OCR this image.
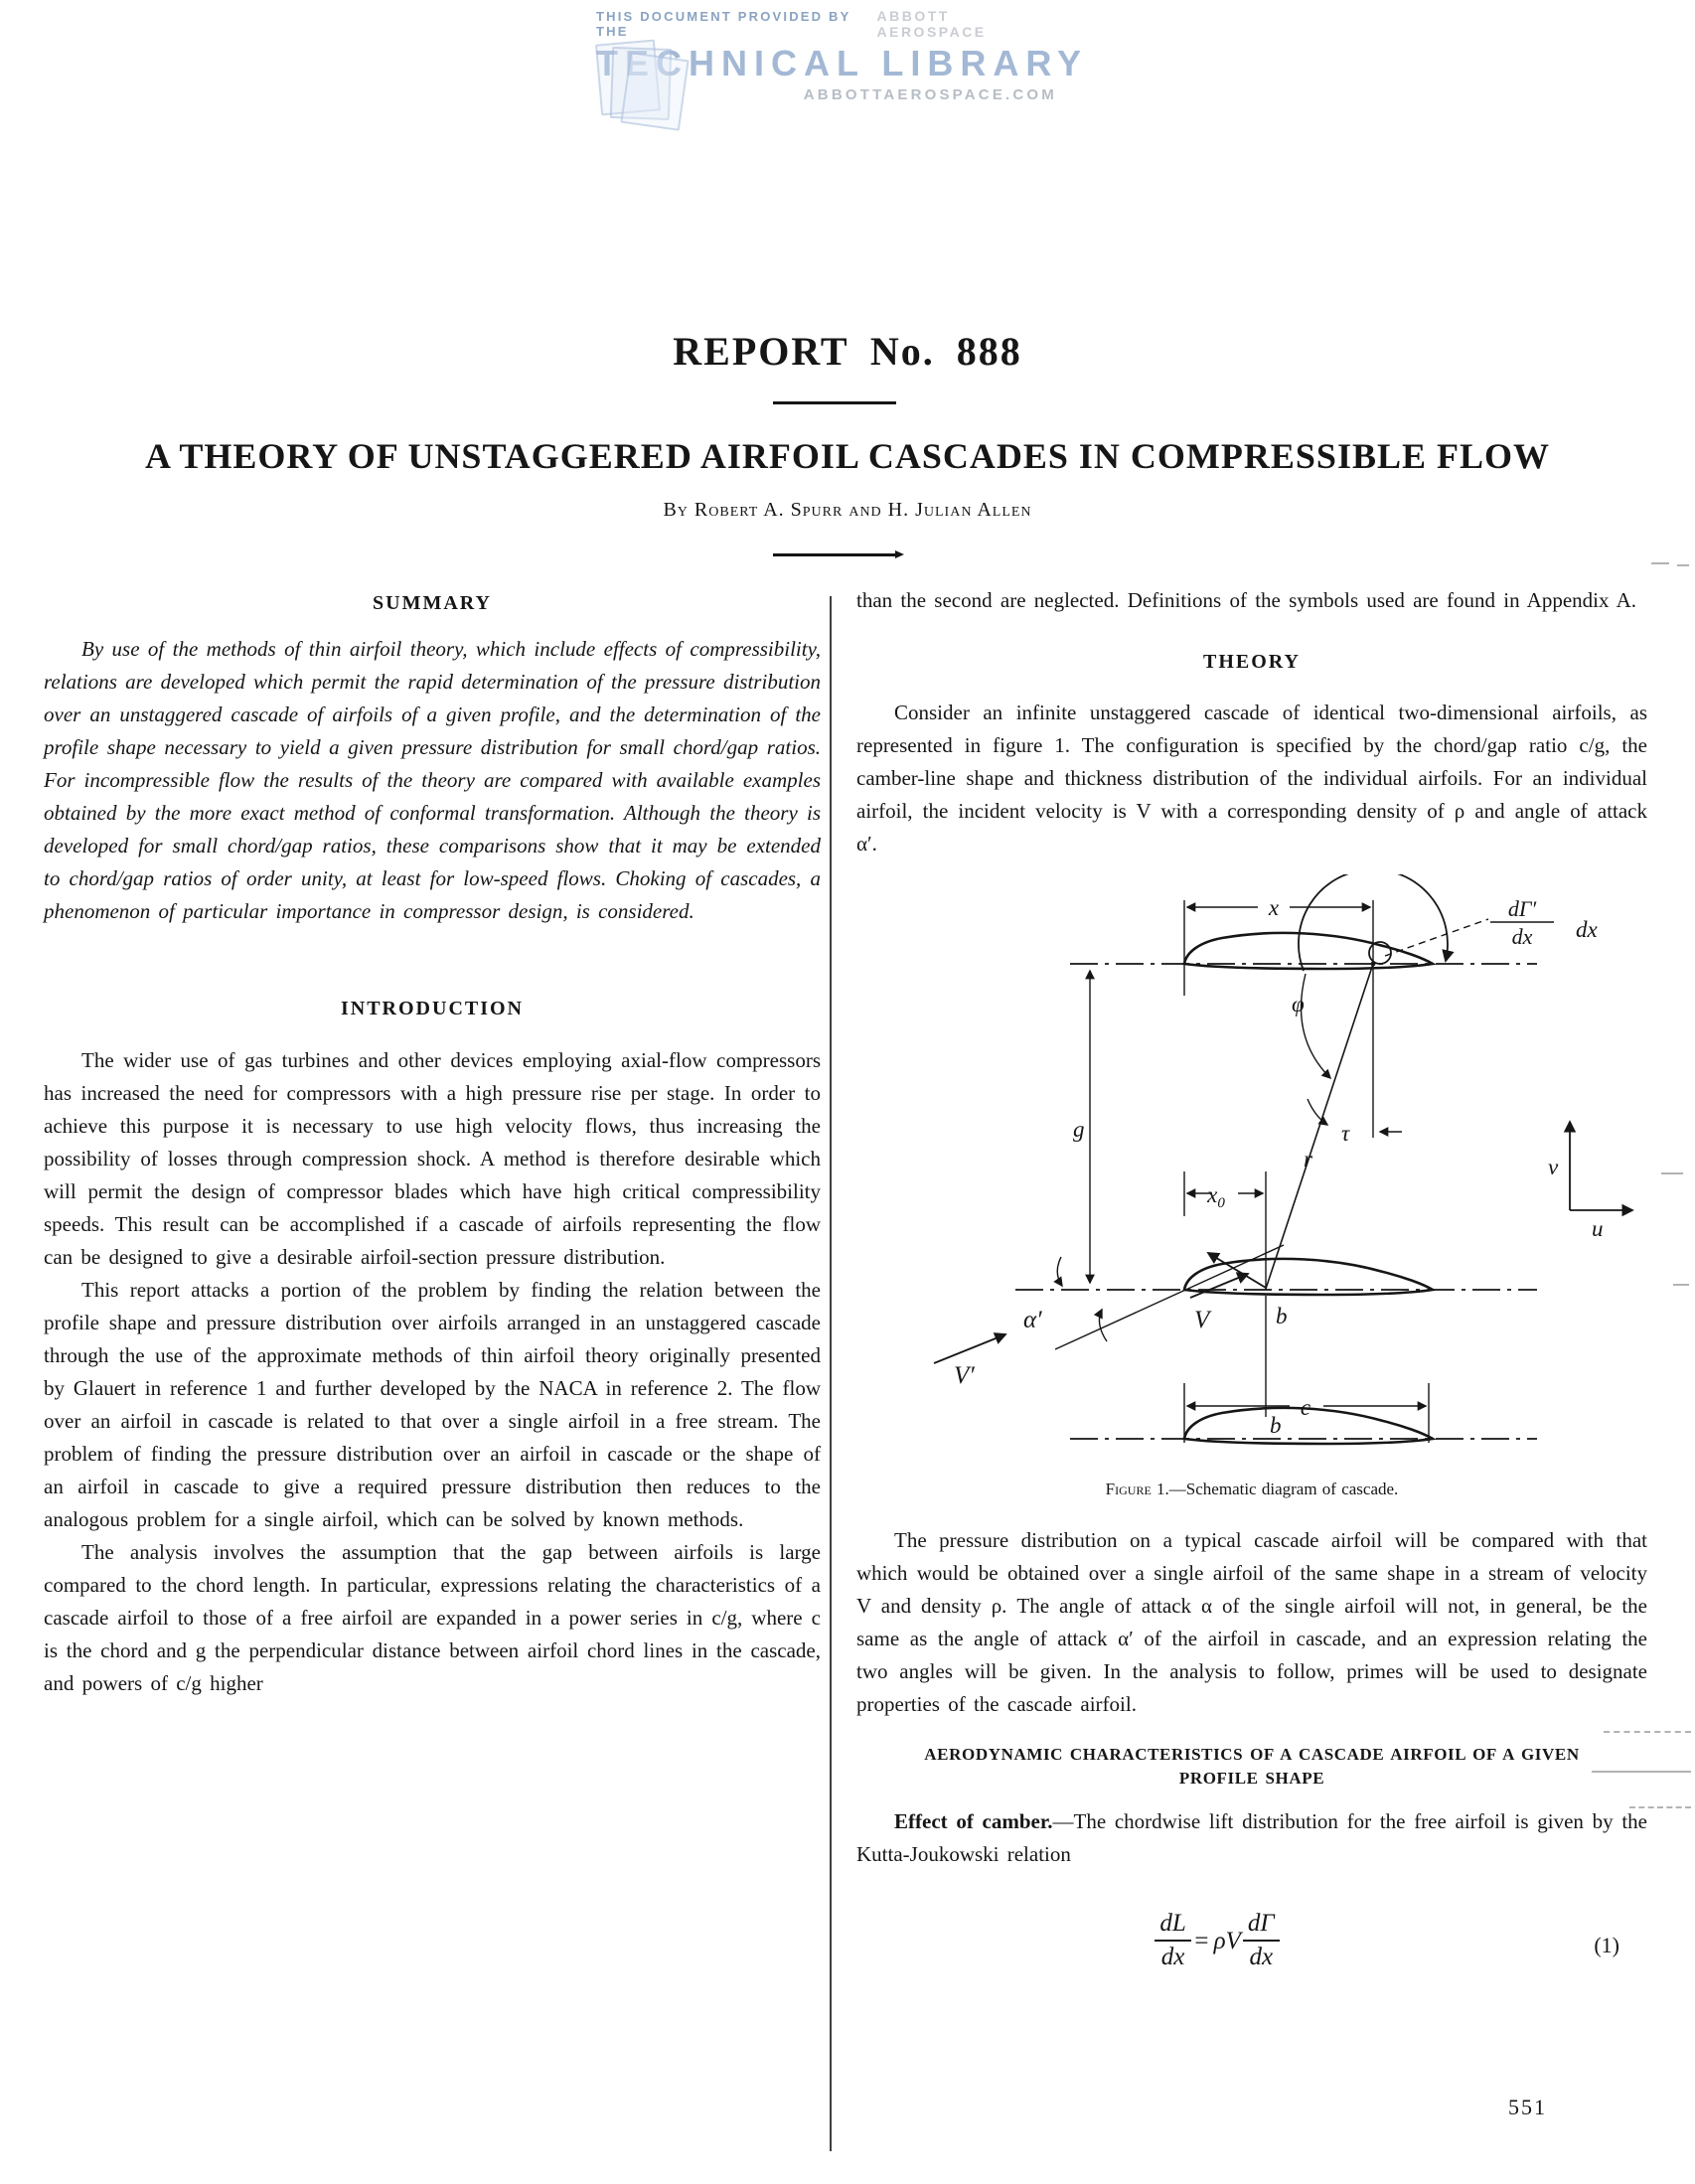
THIS DOCUMENT PROVIDED BY THE
ABBOTT AEROSPACE
TECHNICAL LIBRARY
ABBOTTAEROSPACE.COM
REPORT No. 888
A THEORY OF UNSTAGGERED AIRFOIL CASCADES IN COMPRESSIBLE FLOW
By Robert A. Spurr and H. Julian Allen
SUMMARY

By use of the methods of thin airfoil theory, which include effects of compressibility, relations are developed which permit the rapid determination of the pressure distribution over an unstaggered cascade of airfoils of a given profile, and the determination of the profile shape necessary to yield a given pressure distribution for small chord/gap ratios. For incompressible flow the results of the theory are compared with available examples obtained by the more exact method of conformal transformation. Although the theory is developed for small chord/gap ratios, these comparisons show that it may be extended to chord/gap ratios of order unity, at least for low-speed flows. Choking of cascades, a phenomenon of particular importance in compressor design, is considered.

INTRODUCTION

The wider use of gas turbines and other devices employing axial-flow compressors has increased the need for compressors with a high pressure rise per stage. In order to achieve this purpose it is necessary to use high velocity flows, thus increasing the possibility of losses through compression shock. A method is therefore desirable which will permit the design of compressor blades which have high critical compressibility speeds. This result can be accomplished if a cascade of airfoils representing the flow can be designed to give a desirable airfoil-section pressure distribution.

This report attacks a portion of the problem by finding the relation between the profile shape and pressure distribution over airfoils arranged in an unstaggered cascade through the use of the approximate methods of thin airfoil theory originally presented by Glauert in reference 1 and further developed by the NACA in reference 2. The flow over an airfoil in cascade is related to that over a single airfoil in a free stream. The problem of finding the pressure distribution over an airfoil in cascade or the shape of an airfoil in cascade to give a required pressure distribution then reduces to the analogous problem for a single airfoil, which can be solved by known methods.

The analysis involves the assumption that the gap between airfoils is large compared to the chord length. In particular, expressions relating the characteristics of a cascade airfoil to those of a free airfoil are expanded in a power series in c/g, where c is the chord and g the perpendicular distance between airfoil chord lines in the cascade, and powers of c/g higher

than the second are neglected. Definitions of the symbols used are found in Appendix A.

THEORY

Consider an infinite unstaggered cascade of identical two-dimensional airfoils, as represented in figure 1. The configuration is specified by the chord/gap ratio c/g, the camber-line shape and thickness distribution of the individual airfoils. For an individual airfoil, the incident velocity is V with a corresponding density of ρ and angle of attack α′.

x	dΓ′
dx dx
φ
τ
r
g
$x_0$
v
u
V′
α′	V	b
c
b
Figure 1.—Schematic diagram of cascade.

The pressure distribution on a typical cascade airfoil will be compared with that which would be obtained over a single airfoil of the same shape in a stream of velocity V and density ρ. The angle of attack α of the single airfoil will not, in general, be the same as the angle of attack α′ of the airfoil in cascade, and an expression relating the two angles will be given. In the analysis to follow, primes will be used to designate properties of the cascade airfoil.

AERODYNAMIC CHARACTERISTICS OF A CASCADE AIRFOIL OF A GIVEN
PROFILE SHAPE

Effect of camber.—The chordwise lift distribution for the free airfoil is given by the Kutta-Joukowski relation

$\frac{dL}{dx} = \rho V \frac{d\Gamma}{dx}$	(1)
551
